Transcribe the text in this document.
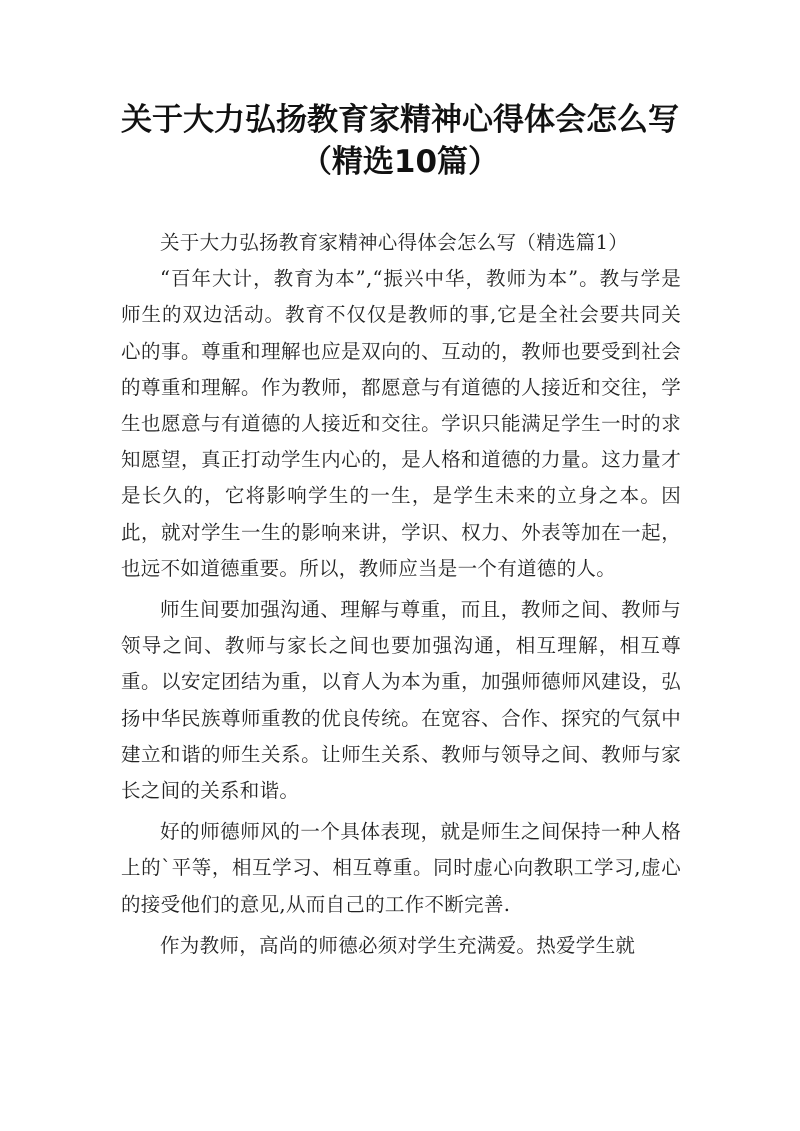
关于大力弘扬教育家精神心得体会怎么写
（精选10篇）

关于大力弘扬教育家精神心得体会怎么写（精选篇1）

“百年大计，教育为本”,“振兴中华，教师为本”。教与学是师生的双边活动。教育不仅仅是教师的事,它是全社会要共同关心的事。尊重和理解也应是双向的、互动的，教师也要受到社会的尊重和理解。作为教师，都愿意与有道德的人接近和交往，学生也愿意与有道德的人接近和交往。学识只能满足学生一时的求知愿望，真正打动学生内心的，是人格和道德的力量。这力量才是长久的，它将影响学生的一生，是学生未来的立身之本。因此，就对学生一生的影响来讲，学识、权力、外表等加在一起，也远不如道德重要。所以，教师应当是一个有道德的人。

师生间要加强沟通、理解与尊重，而且，教师之间、教师与领导之间、教师与家长之间也要加强沟通，相互理解，相互尊重。以安定团结为重，以育人为本为重，加强师德师风建设，弘扬中华民族尊师重教的优良传统。在宽容、合作、探究的气氛中建立和谐的师生关系。让师生关系、教师与领导之间、教师与家长之间的关系和谐。

好的师德师风的一个具体表现，就是师生之间保持一种人格上的`平等，相互学习、相互尊重。同时虚心向教职工学习,虚心的接受他们的意见,从而自己的工作不断完善.

作为教师，高尚的师德必须对学生充满爱。热爱学生就
